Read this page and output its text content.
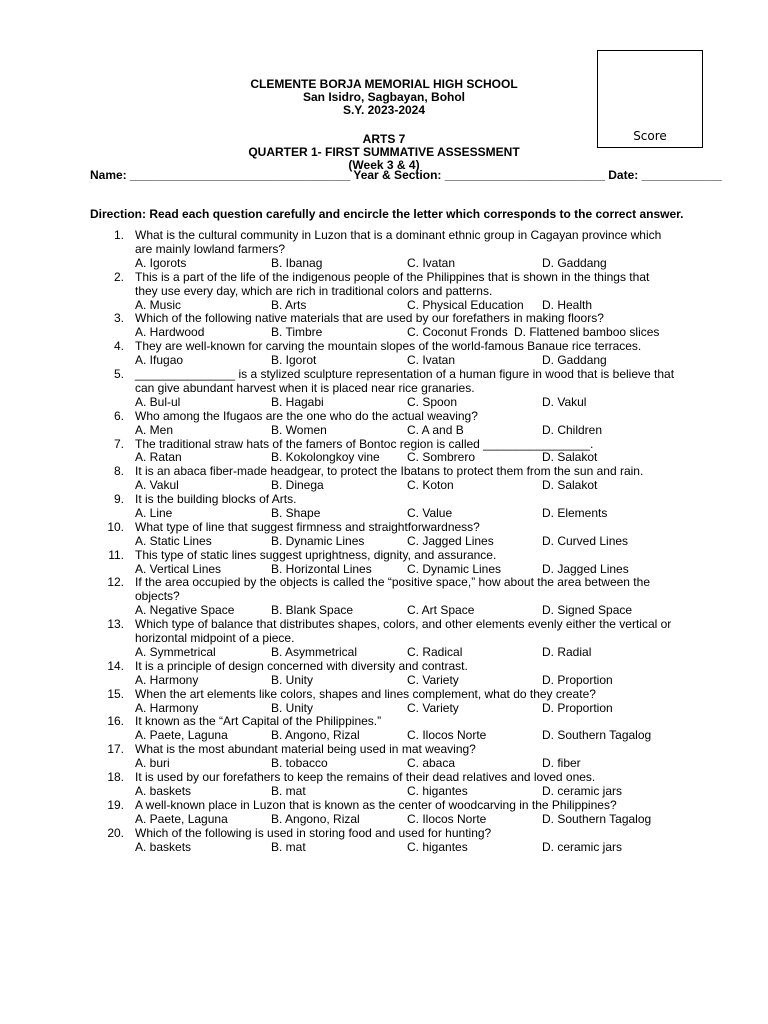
Score
CLEMENTE BORJA MEMORIAL HIGH SCHOOL
San Isidro, Sagbayan, Bohol
S.Y. 2023-2024
ARTS 7
QUARTER 1- FIRST SUMMATIVE ASSESSMENT
(Week 3 & 4)
Name: _________________________________ Year & Section: ________________________ Date: ____________
Direction: Read each question carefully and encircle the letter which corresponds to the correct answer.
1. What is the cultural community in Luzon that is a dominant ethnic group in Cagayan province which are mainly lowland farmers?
A. Igorots	B. Ibanag	C. Ivatan	D. Gaddang
2. This is a part of the life of the indigenous people of the Philippines that is shown in the things that they use every day, which are rich in traditional colors and patterns.
A. Music	B. Arts	C. Physical Education D. Health
3. Which of the following native materials that are used by our forefathers in making floors?
A. Hardwood	B. Timbre	C. Coconut Fronds D. Flattened bamboo slices
4. They are well-known for carving the mountain slopes of the world-famous Banaue rice terraces.
A. Ifugao	B. Igorot	C. Ivatan	D. Gaddang
5. _______________ is a stylized sculpture representation of a human figure in wood that is believe that can give abundant harvest when it is placed near rice granaries.
A. Bul-ul	B. Hagabi	C. Spoon	D. Vakul
6. Who among the Ifugaos are the one who do the actual weaving?
A. Men	B. Women	C. A and B	D. Children
7. The traditional straw hats of the famers of Bontoc region is called ________________.
A. Ratan	B. Kokolongkoy vine C. Sombrero	D. Salakot
8. It is an abaca fiber-made headgear, to protect the Ibatans to protect them from the sun and rain.
A. Vakul	B. Dinega	C. Koton	D. Salakot
9. It is the building blocks of Arts.
A. Line	B. Shape	C. Value	D. Elements
10. What type of line that suggest firmness and straightforwardness?
A. Static Lines	B. Dynamic Lines	C. Jagged Lines	D. Curved Lines
11. This type of static lines suggest uprightness, dignity, and assurance.
A. Vertical Lines	B. Horizontal Lines	C. Dynamic Lines	D. Jagged Lines
12. If the area occupied by the objects is called the “positive space,” how about the area between the objects?
A. Negative Space	B. Blank Space	C. Art Space	D. Signed Space
13. Which type of balance that distributes shapes, colors, and other elements evenly either the vertical or horizontal midpoint of a piece.
A. Symmetrical	B. Asymmetrical	C. Radical	D. Radial
14. It is a principle of design concerned with diversity and contrast.
A. Harmony	B. Unity	C. Variety	D. Proportion
15. When the art elements like colors, shapes and lines complement, what do they create?
A. Harmony	B. Unity	C. Variety	D. Proportion
16. It known as the “Art Capital of the Philippines.”
A. Paete, Laguna	B. Angono, Rizal	C. Ilocos Norte	D. Southern Tagalog
17. What is the most abundant material being used in mat weaving?
A. buri	B. tobacco	C. abaca	D. fiber
18. It is used by our forefathers to keep the remains of their dead relatives and loved ones.
A. baskets	B. mat	C. higantes	D. ceramic jars
19. A well-known place in Luzon that is known as the center of woodcarving in the Philippines?
A. Paete, Laguna	B. Angono, Rizal	C. Ilocos Norte	D. Southern Tagalog
20. Which of the following is used in storing food and used for hunting?
A. baskets	B. mat	C. higantes	D. ceramic jars
